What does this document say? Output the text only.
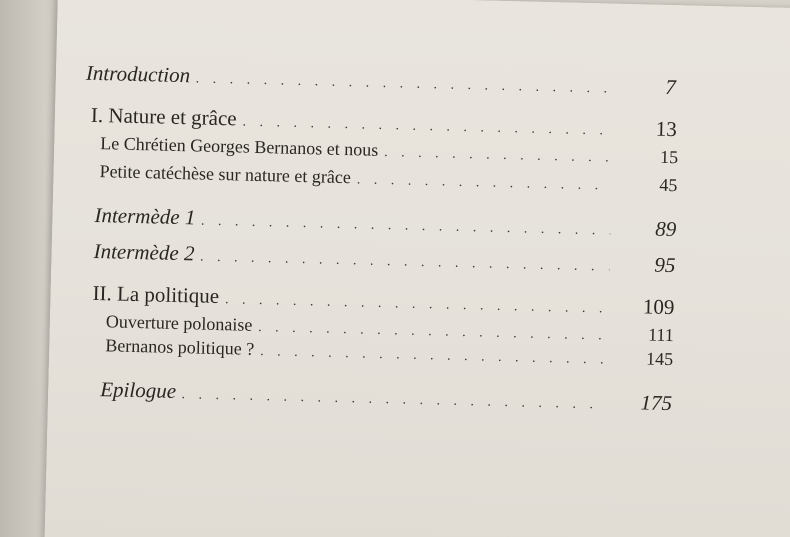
Introduction . . .	7
I. Nature et grâce . . .	13
Le Chrétien Georges Bernanos et nous . . .	15
Petite catéchèse sur nature et grâce . . .	45
Intermède 1 . . .	89
Intermède 2 . . .	95
II. La politique . . .	109
Ouverture polonaise . . .	111
Bernanos politique ? . . .	145
Epilogue . . .	175
